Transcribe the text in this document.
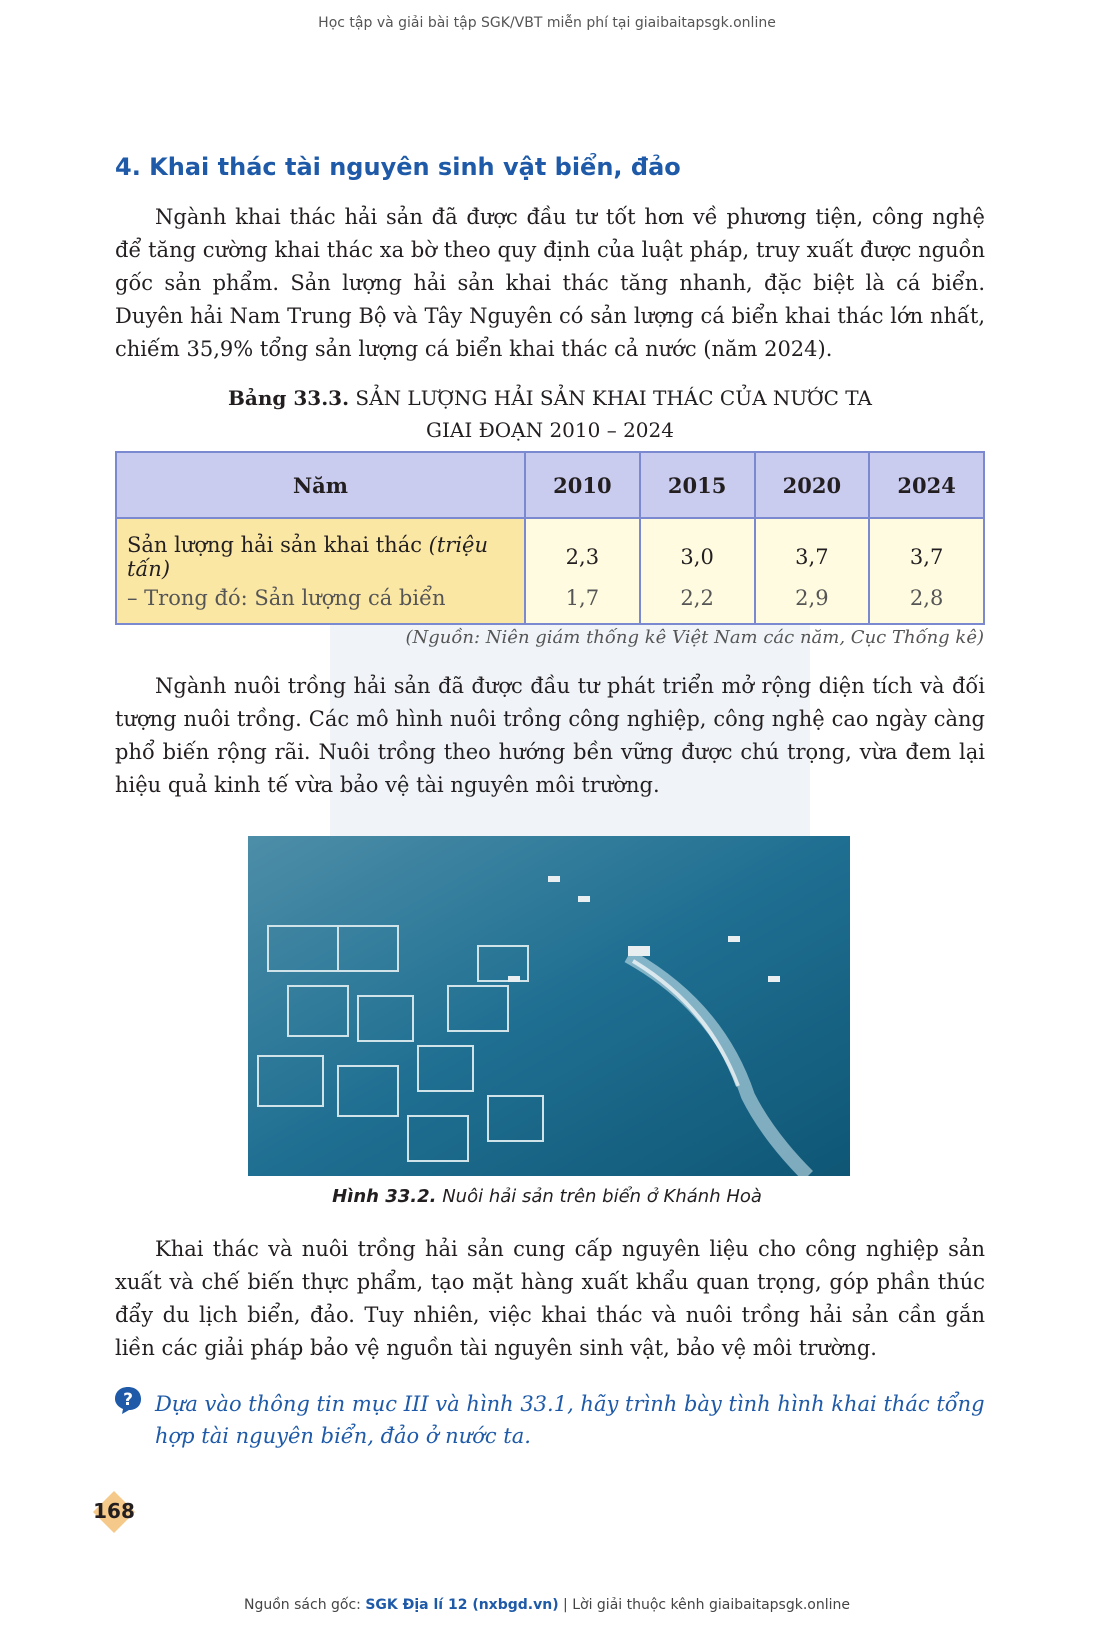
Học tập và giải bài tập SGK/VBT miễn phí tại giaibaitapsgk.online
4. Khai thác tài nguyên sinh vật biển, đảo

Ngành khai thác hải sản đã được đầu tư tốt hơn về phương tiện, công nghệ để tăng cường khai thác xa bờ theo quy định của luật pháp, truy xuất được nguồn gốc sản phẩm. Sản lượng hải sản khai thác tăng nhanh, đặc biệt là cá biển. Duyên hải Nam Trung Bộ và Tây Nguyên có sản lượng cá biển khai thác lớn nhất, chiếm 35,9% tổng sản lượng cá biển khai thác cả nước (năm 2024).

Bảng 33.3. SẢN LƯỢNG HẢI SẢN KHAI THÁC CỦA NƯỚC TA
GIAI ĐOẠN 2010 – 2024
Năm	2010	2015	2020	2024
Sản lượng hải sản khai thác (triệu tấn)	2,3	3,0	3,7	3,7
– Trong đó: Sản lượng cá biển	1,7	2,2	2,9	2,8
(Nguồn: Niên giám thống kê Việt Nam các năm, Cục Thống kê)

Ngành nuôi trồng hải sản đã được đầu tư phát triển mở rộng diện tích và đối tượng nuôi trồng. Các mô hình nuôi trồng công nghiệp, công nghệ cao ngày càng phổ biến rộng rãi. Nuôi trồng theo hướng bền vững được chú trọng, vừa đem lại hiệu quả kinh tế vừa bảo vệ tài nguyên môi trường.

Hình 33.2. Nuôi hải sản trên biển ở Khánh Hoà

Khai thác và nuôi trồng hải sản cung cấp nguyên liệu cho công nghiệp sản xuất và chế biến thực phẩm, tạo mặt hàng xuất khẩu quan trọng, góp phần thúc đẩy du lịch biển, đảo. Tuy nhiên, việc khai thác và nuôi trồng hải sản cần gắn liền các giải pháp bảo vệ nguồn tài nguyên sinh vật, bảo vệ môi trường.

? Dựa vào thông tin mục III và hình 33.1, hãy trình bày tình hình khai thác tổng hợp tài nguyên biển, đảo ở nước ta.
168
Nguồn sách gốc: SGK Địa lí 12 (nxbgd.vn) | Lời giải thuộc kênh giaibaitapsgk.online
